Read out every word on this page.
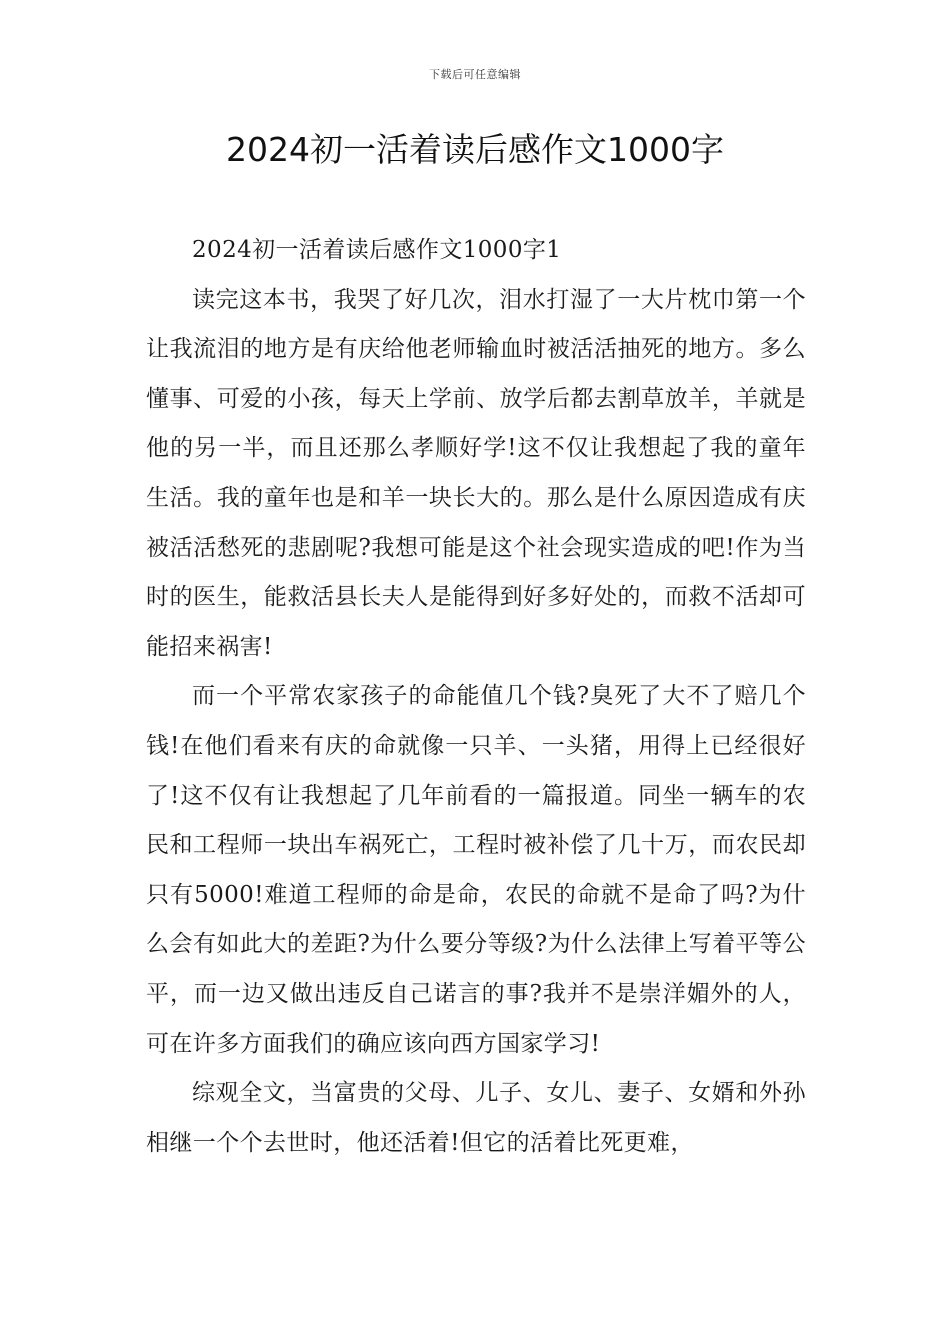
下载后可任意编辑
2024初一活着读后感作文1000字

2024初一活着读后感作文1000字1

读完这本书，我哭了好几次，泪水打湿了一大片枕巾第一个让我流泪的地方是有庆给他老师输血时被活活抽死的地方。多么懂事、可爱的小孩，每天上学前、放学后都去割草放羊，羊就是他的另一半，而且还那么孝顺好学!这不仅让我想起了我的童年生活。我的童年也是和羊一块长大的。那么是什么原因造成有庆被活活愁死的悲剧呢?我想可能是这个社会现实造成的吧!作为当时的医生，能救活县长夫人是能得到好多好处的，而救不活却可能招来祸害!

而一个平常农家孩子的命能值几个钱?臭死了大不了赔几个钱!在他们看来有庆的命就像一只羊、一头猪，用得上已经很好了!这不仅有让我想起了几年前看的一篇报道。同坐一辆车的农民和工程师一块出车祸死亡，工程时被补偿了几十万，而农民却只有5000!难道工程师的命是命，农民的命就不是命了吗?为什么会有如此大的差距?为什么要分等级?为什么法律上写着平等公平，而一边又做出违反自己诺言的事?我并不是崇洋媚外的人，可在许多方面我们的确应该向西方国家学习!

综观全文，当富贵的父母、儿子、女儿、妻子、女婿和外孙相继一个个去世时，他还活着!但它的活着比死更难，
